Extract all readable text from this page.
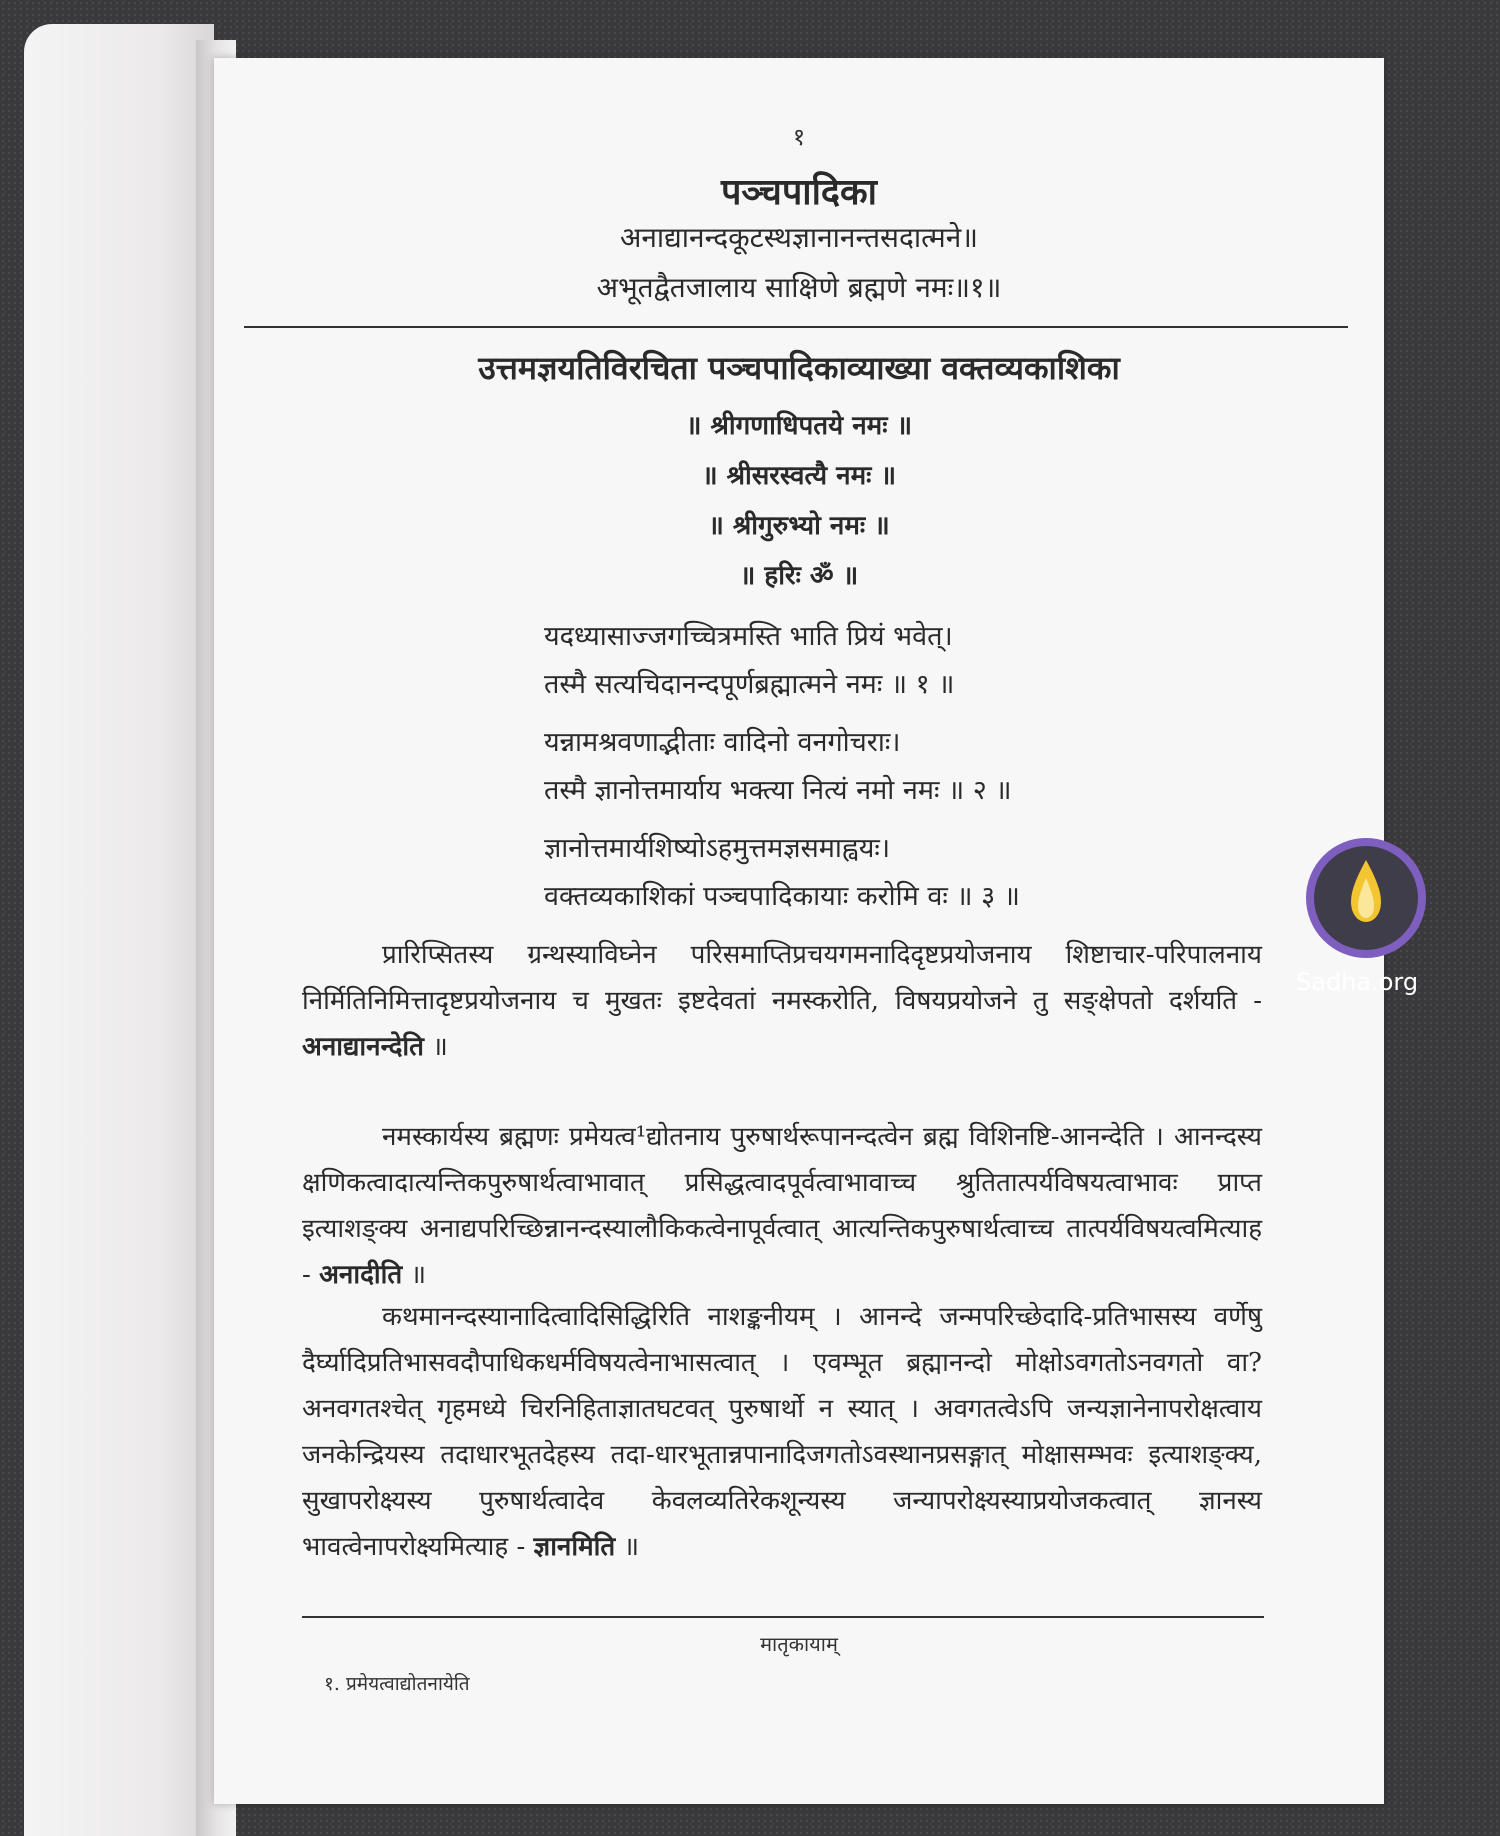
१
पञ्चपादिका
अनाद्यानन्दकूटस्थज्ञानानन्तसदात्मने॥
अभूतद्वैतजालाय साक्षिणे ब्रह्मणे नमः॥१॥
उत्तमज्ञयतिविरचिता पञ्चपादिकाव्याख्या वक्तव्यकाशिका
॥ श्रीगणाधिपतये नमः ॥
॥ श्रीसरस्वत्यै नमः ॥
॥ श्रीगुरुभ्यो नमः ॥
॥ हरिः ॐ ॥
यदध्यासाज्जगच्चित्रमस्ति भाति प्रियं भवेत्।
तस्मै सत्यचिदानन्दपूर्णब्रह्मात्मने नमः ॥ १ ॥
यन्नामश्रवणाद्भीताः वादिनो वनगोचराः।
तस्मै ज्ञानोत्तमार्याय भक्त्या नित्यं नमो नमः ॥ २ ॥
ज्ञानोत्तमार्यशिष्योऽहमुत्तमज्ञसमाह्वयः।
वक्तव्यकाशिकां पञ्चपादिकायाः करोमि वः ॥ ३ ॥

प्रारिप्सितस्य ग्रन्थस्याविघ्नेन परिसमाप्तिप्रचयगमनादिदृष्टप्रयोजनाय शिष्टाचार-परिपालनाय निर्मितिनिमित्तादृष्टप्रयोजनाय च मुखतः इष्टदेवतां नमस्करोति, विषयप्रयोजने तु सङ्क्षेपतो दर्शयति - अनाद्यानन्देति ॥

नमस्कार्यस्य ब्रह्मणः प्रमेयत्व¹द्योतनाय पुरुषार्थरूपानन्दत्वेन ब्रह्म विशिनष्टि-आनन्देति । आनन्दस्य क्षणिकत्वादात्यन्तिकपुरुषार्थत्वाभावात् प्रसिद्धत्वादपूर्वत्वाभावाच्च श्रुतितात्पर्यविषयत्वाभावः प्राप्त इत्याशङ्क्य अनाद्यपरिच्छिन्नानन्दस्यालौकिकत्वेनापूर्वत्वात् आत्यन्तिकपुरुषार्थत्वाच्च तात्पर्यविषयत्वमित्याह - अनादीति ॥

कथमानन्दस्यानादित्वादिसिद्धिरिति नाशङ्कनीयम् । आनन्दे जन्मपरिच्छेदादि-प्रतिभासस्य वर्णेषु दैर्घ्यादिप्रतिभासवदौपाधिकधर्मविषयत्वेनाभासत्वात् । एवम्भूत ब्रह्मानन्दो मोक्षोऽवगतोऽनवगतो वा? अनवगतश्चेत् गृहमध्ये चिरनिहिताज्ञातघटवत् पुरुषार्थो न स्यात् । अवगतत्वेऽपि जन्यज्ञानेनापरोक्षत्वाय जनकेन्द्रियस्य तदाधारभूतदेहस्य तदा-धारभूतान्नपानादिजगतोऽवस्थानप्रसङ्गात् मोक्षासम्भवः इत्याशङ्क्य, सुखापरोक्ष्यस्य पुरुषार्थत्वादेव केवलव्यतिरेकशून्यस्य जन्यापरोक्ष्यस्याप्रयोजकत्वात् ज्ञानस्य भावत्वेनापरोक्ष्यमित्याह - ज्ञानमिति ॥

मातृकायाम्
१. प्रमेयत्वाद्योतनायेति
Sadha.org
